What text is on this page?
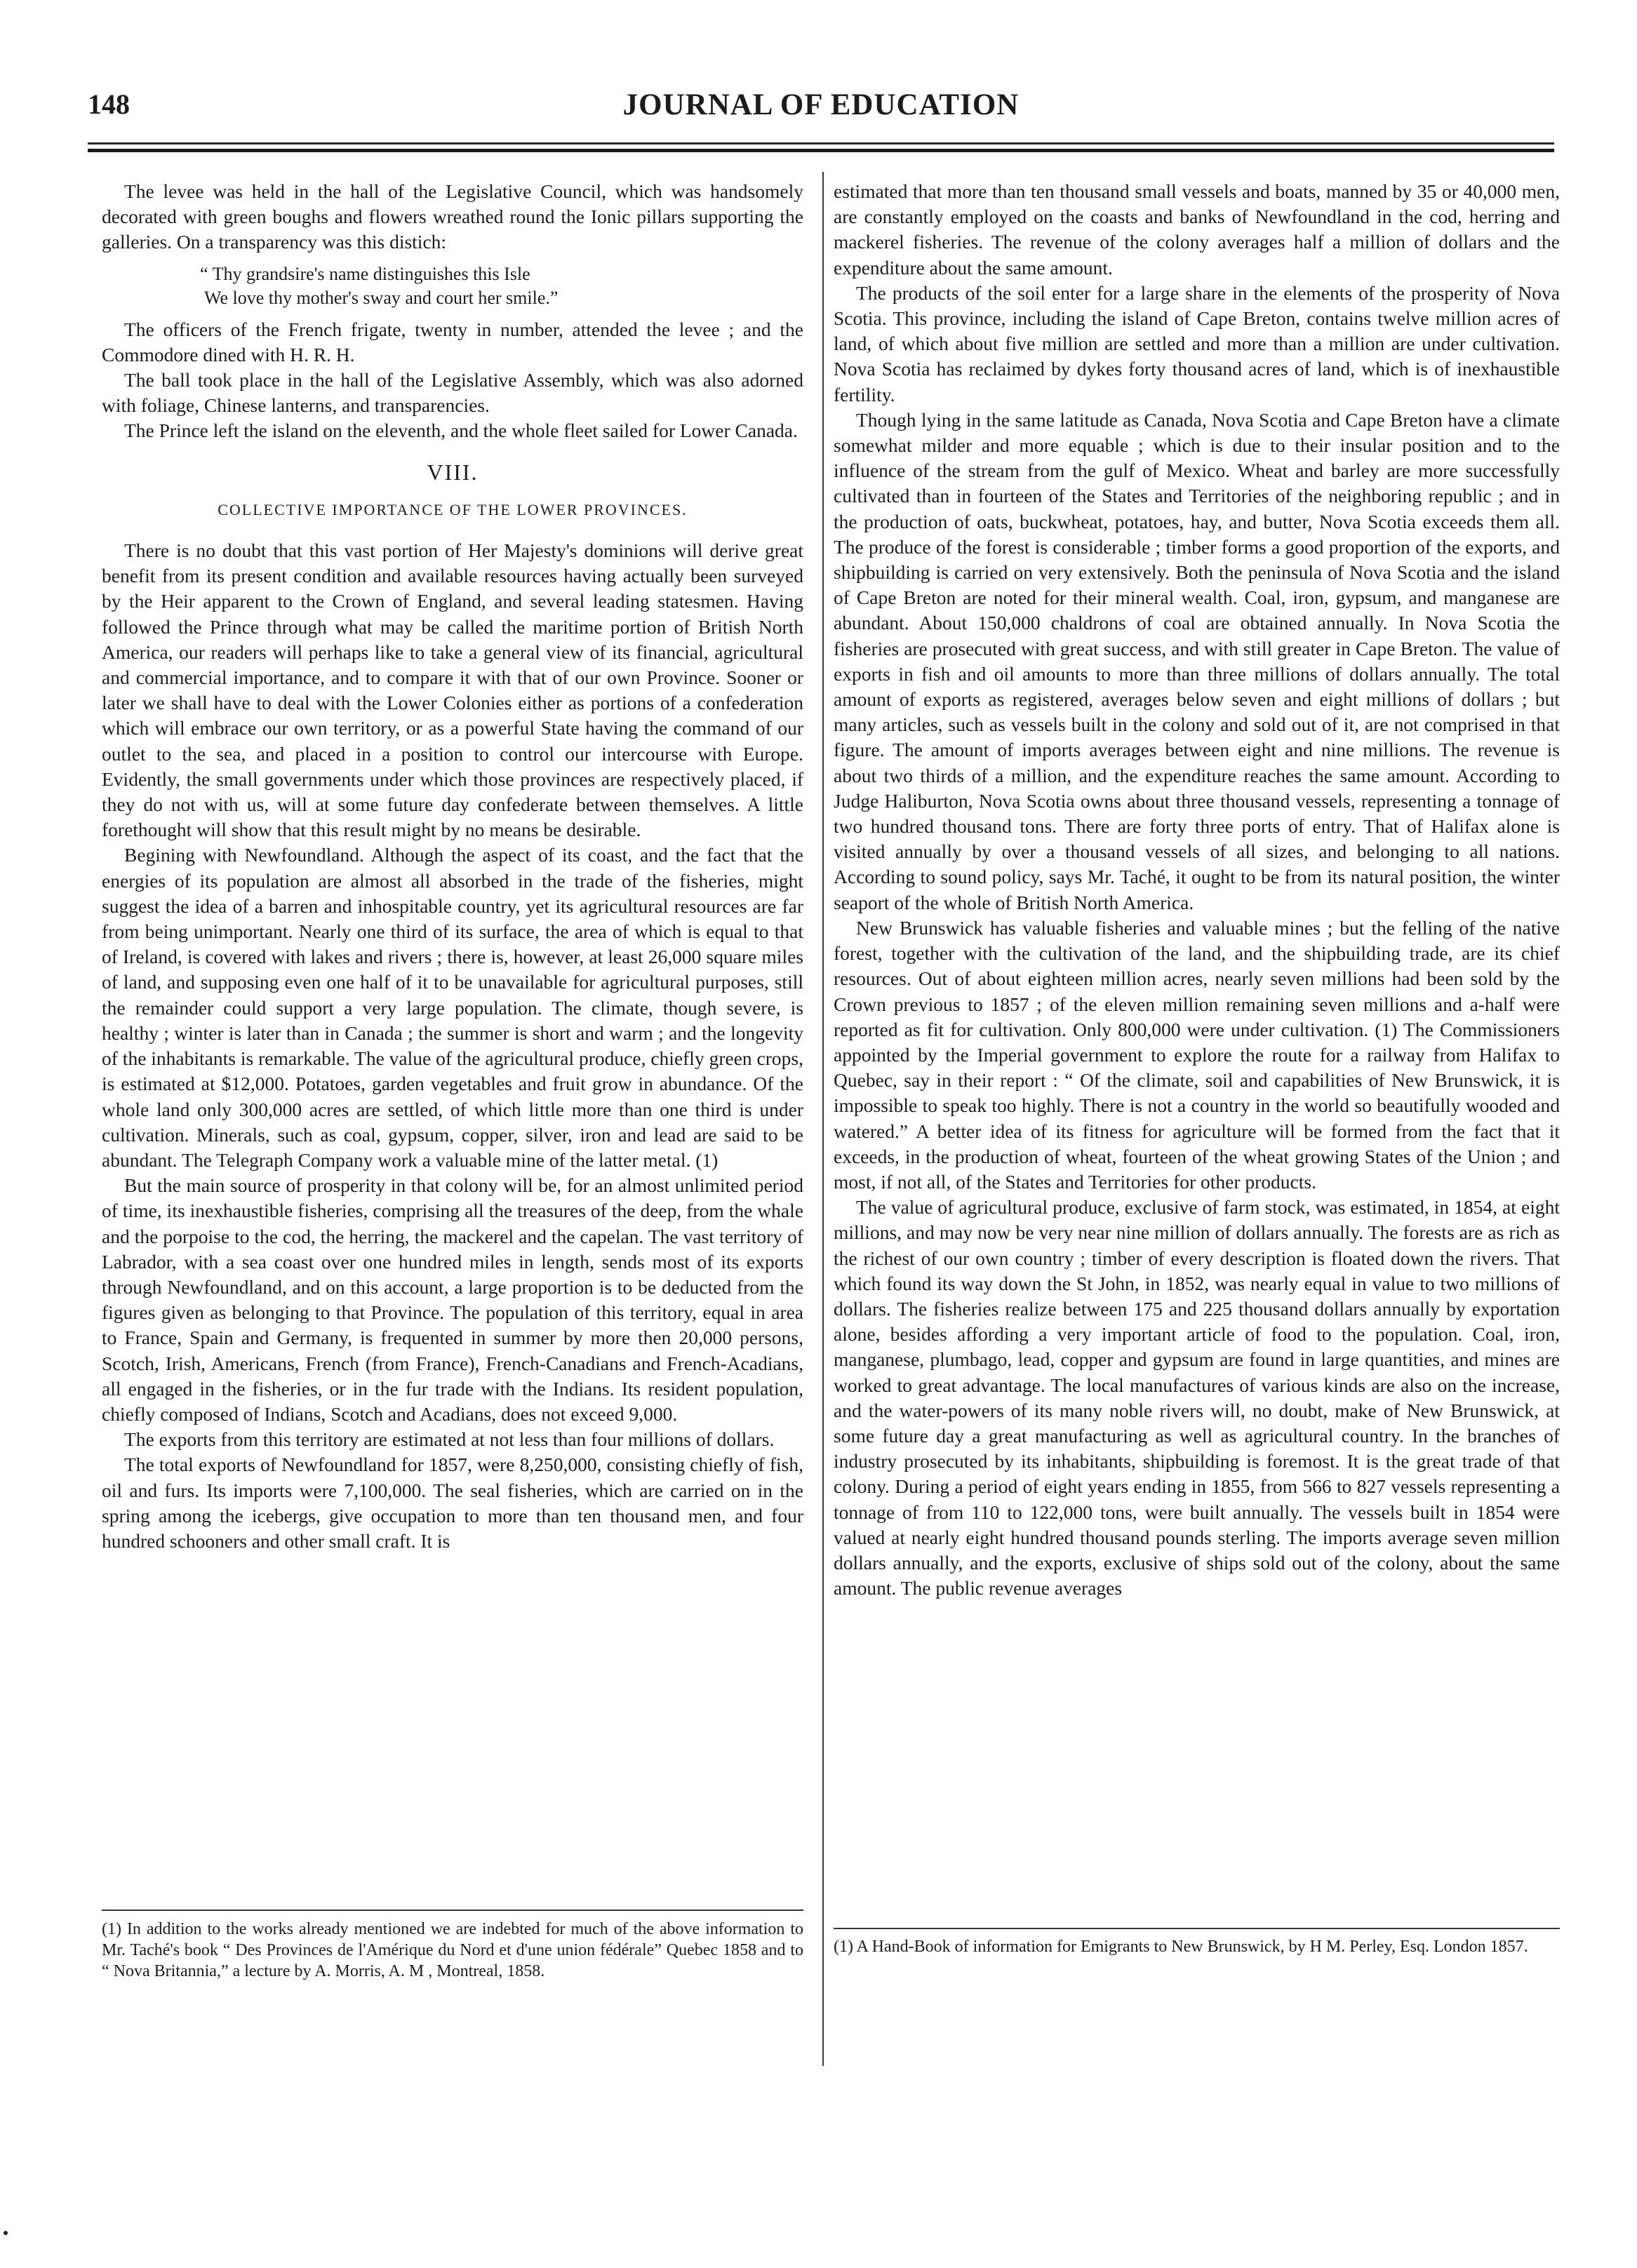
148	JOURNAL OF EDUCATION

The levee was held in the hall of the Legislative Council, which was handsomely decorated with green boughs and flowers wreathed round the Ionic pillars supporting the galleries. On a transparency was this distich:

“ Thy grandsire's name distinguishes this Isle
We love thy mother's sway and court her smile.”

The officers of the French frigate, twenty in number, attended the levee ; and the Commodore dined with H. R. H.

The ball took place in the hall of the Legislative Assembly, which was also adorned with foliage, Chinese lanterns, and transparencies.

The Prince left the island on the eleventh, and the whole fleet sailed for Lower Canada.

VIII.
COLLECTIVE IMPORTANCE OF THE LOWER PROVINCES.

There is no doubt that this vast portion of Her Majesty's dominions will derive great benefit from its present condition and available resources having actually been surveyed by the Heir apparent to the Crown of England, and several leading statesmen. Having followed the Prince through what may be called the maritime portion of British North America, our readers will perhaps like to take a general view of its financial, agricultural and commercial importance, and to compare it with that of our own Province. Sooner or later we shall have to deal with the Lower Colonies either as portions of a confederation which will embrace our own territory, or as a powerful State having the command of our outlet to the sea, and placed in a position to control our intercourse with Europe. Evidently, the small governments under which those provinces are respectively placed, if they do not with us, will at some future day confederate between themselves. A little forethought will show that this result might by no means be desirable.

Begining with Newfoundland. Although the aspect of its coast, and the fact that the energies of its population are almost all absorbed in the trade of the fisheries, might suggest the idea of a barren and inhospitable country, yet its agricultural resources are far from being unimportant. Nearly one third of its surface, the area of which is equal to that of Ireland, is covered with lakes and rivers ; there is, however, at least 26,000 square miles of land, and supposing even one half of it to be unavailable for agricultural purposes, still the remainder could support a very large population. The climate, though severe, is healthy ; winter is later than in Canada ; the summer is short and warm ; and the longevity of the inhabitants is remarkable. The value of the agricultural produce, chiefly green crops, is estimated at $12,000. Potatoes, garden vegetables and fruit grow in abundance. Of the whole land only 300,000 acres are settled, of which little more than one third is under cultivation. Minerals, such as coal, gypsum, copper, silver, iron and lead are said to be abundant. The Telegraph Company work a valuable mine of the latter metal. (1)

But the main source of prosperity in that colony will be, for an almost unlimited period of time, its inexhaustible fisheries, comprising all the treasures of the deep, from the whale and the porpoise to the cod, the herring, the mackerel and the capelan. The vast territory of Labrador, with a sea coast over one hundred miles in length, sends most of its exports through Newfoundland, and on this account, a large proportion is to be deducted from the figures given as belonging to that Province. The population of this territory, equal in area to France, Spain and Germany, is frequented in summer by more then 20,000 persons, Scotch, Irish, Americans, French (from France), French-Canadians and French-Acadians, all engaged in the fisheries, or in the fur trade with the Indians. Its resident population, chiefly composed of Indians, Scotch and Acadians, does not exceed 9,000.

The exports from this territory are estimated at not less than four millions of dollars.

The total exports of Newfoundland for 1857, were 8,250,000, consisting chiefly of fish, oil and furs. Its imports were 7,100,000. The seal fisheries, which are carried on in the spring among the icebergs, give occupation to more than ten thousand men, and four hundred schooners and other small craft. It is

estimated that more than ten thousand small vessels and boats, manned by 35 or 40,000 men, are constantly employed on the coasts and banks of Newfoundland in the cod, herring and mackerel fisheries. The revenue of the colony averages half a million of dollars and the expenditure about the same amount.

The products of the soil enter for a large share in the elements of the prosperity of Nova Scotia. This province, including the island of Cape Breton, contains twelve million acres of land, of which about five million are settled and more than a million are under cultivation. Nova Scotia has reclaimed by dykes forty thousand acres of land, which is of inexhaustible fertility.

Though lying in the same latitude as Canada, Nova Scotia and Cape Breton have a climate somewhat milder and more equable ; which is due to their insular position and to the influence of the stream from the gulf of Mexico. Wheat and barley are more successfully cultivated than in fourteen of the States and Territories of the neighboring republic ; and in the production of oats, buckwheat, potatoes, hay, and butter, Nova Scotia exceeds them all. The produce of the forest is considerable ; timber forms a good proportion of the exports, and shipbuilding is carried on very extensively. Both the peninsula of Nova Scotia and the island of Cape Breton are noted for their mineral wealth. Coal, iron, gypsum, and manganese are abundant. About 150,000 chaldrons of coal are obtained annually. In Nova Scotia the fisheries are prosecuted with great success, and with still greater in Cape Breton. The value of exports in fish and oil amounts to more than three millions of dollars annually. The total amount of exports as registered, averages below seven and eight millions of dollars ; but many articles, such as vessels built in the colony and sold out of it, are not comprised in that figure. The amount of imports averages between eight and nine millions. The revenue is about two thirds of a million, and the expenditure reaches the same amount. According to Judge Haliburton, Nova Scotia owns about three thousand vessels, representing a tonnage of two hundred thousand tons. There are forty three ports of entry. That of Halifax alone is visited annually by over a thousand vessels of all sizes, and belonging to all nations. According to sound policy, says Mr. Taché, it ought to be from its natural position, the winter seaport of the whole of British North America.

New Brunswick has valuable fisheries and valuable mines ; but the felling of the native forest, together with the cultivation of the land, and the shipbuilding trade, are its chief resources. Out of about eighteen million acres, nearly seven millions had been sold by the Crown previous to 1857 ; of the eleven million remaining seven millions and a-half were reported as fit for cultivation. Only 800,000 were under cultivation. (1) The Commissioners appointed by the Imperial government to explore the route for a railway from Halifax to Quebec, say in their report : “ Of the climate, soil and capabilities of New Brunswick, it is impossible to speak too highly. There is not a country in the world so beautifully wooded and watered.” A better idea of its fitness for agriculture will be formed from the fact that it exceeds, in the production of wheat, fourteen of the wheat growing States of the Union ; and most, if not all, of the States and Territories for other products.

The value of agricultural produce, exclusive of farm stock, was estimated, in 1854, at eight millions, and may now be very near nine million of dollars annually. The forests are as rich as the richest of our own country ; timber of every description is floated down the rivers. That which found its way down the St John, in 1852, was nearly equal in value to two millions of dollars. The fisheries realize between 175 and 225 thousand dollars annually by exportation alone, besides affording a very important article of food to the population. Coal, iron, manganese, plumbago, lead, copper and gypsum are found in large quantities, and mines are worked to great advantage. The local manufactures of various kinds are also on the increase, and the water-powers of its many noble rivers will, no doubt, make of New Brunswick, at some future day a great manufacturing as well as agricultural country. In the branches of industry prosecuted by its inhabitants, shipbuilding is foremost. It is the great trade of that colony. During a period of eight years ending in 1855, from 566 to 827 vessels representing a tonnage of from 110 to 122,000 tons, were built annually. The vessels built in 1854 were valued at nearly eight hundred thousand pounds sterling. The imports average seven million dollars annually, and the exports, exclusive of ships sold out of the colony, about the same amount. The public revenue averages

(1) In addition to the works already mentioned we are indebted for much of the above information to Mr. Taché's book “ Des Provinces de l'Amérique du Nord et d'une union fédérale” Quebec 1858 and to “ Nova Britannia,” a lecture by A. Morris, A. M , Montreal, 1858.
(1) A Hand-Book of information for Emigrants to New Brunswick, by H M. Perley, Esq. London 1857.
